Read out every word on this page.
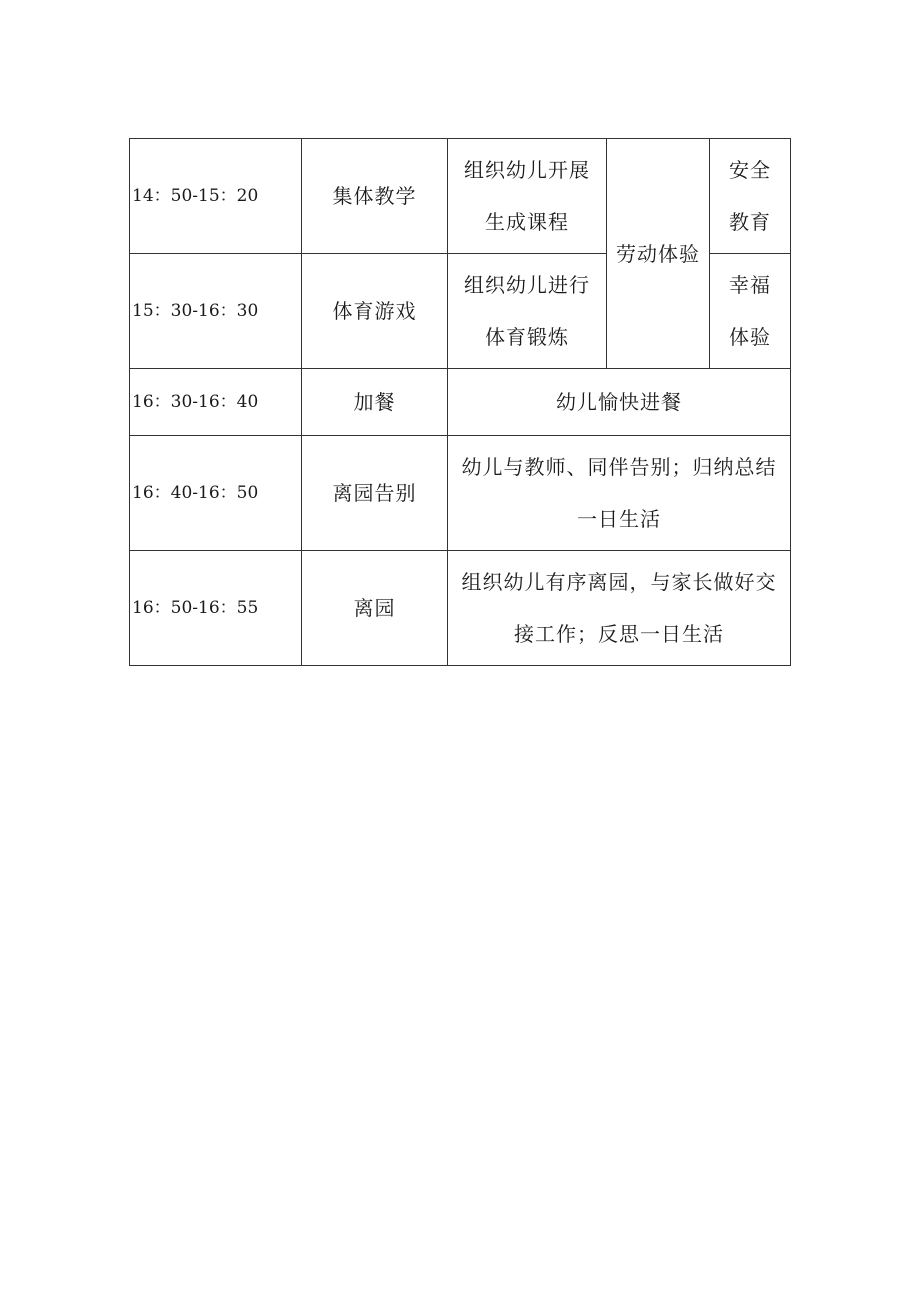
14：50-15：20	集体教学	组织幼儿开展生成课程	劳动体验	安全教育
15：30-16：30	体育游戏	组织幼儿进行体育锻炼		幸福体验
16：30-16：40	加餐	幼儿愉快进餐		
16：40-16：50	离园告别	幼儿与教师、同伴告别；归纳总结一日生活		
16：50-16：55	离园	组织幼儿有序离园，与家长做好交接工作；反思一日生活		
